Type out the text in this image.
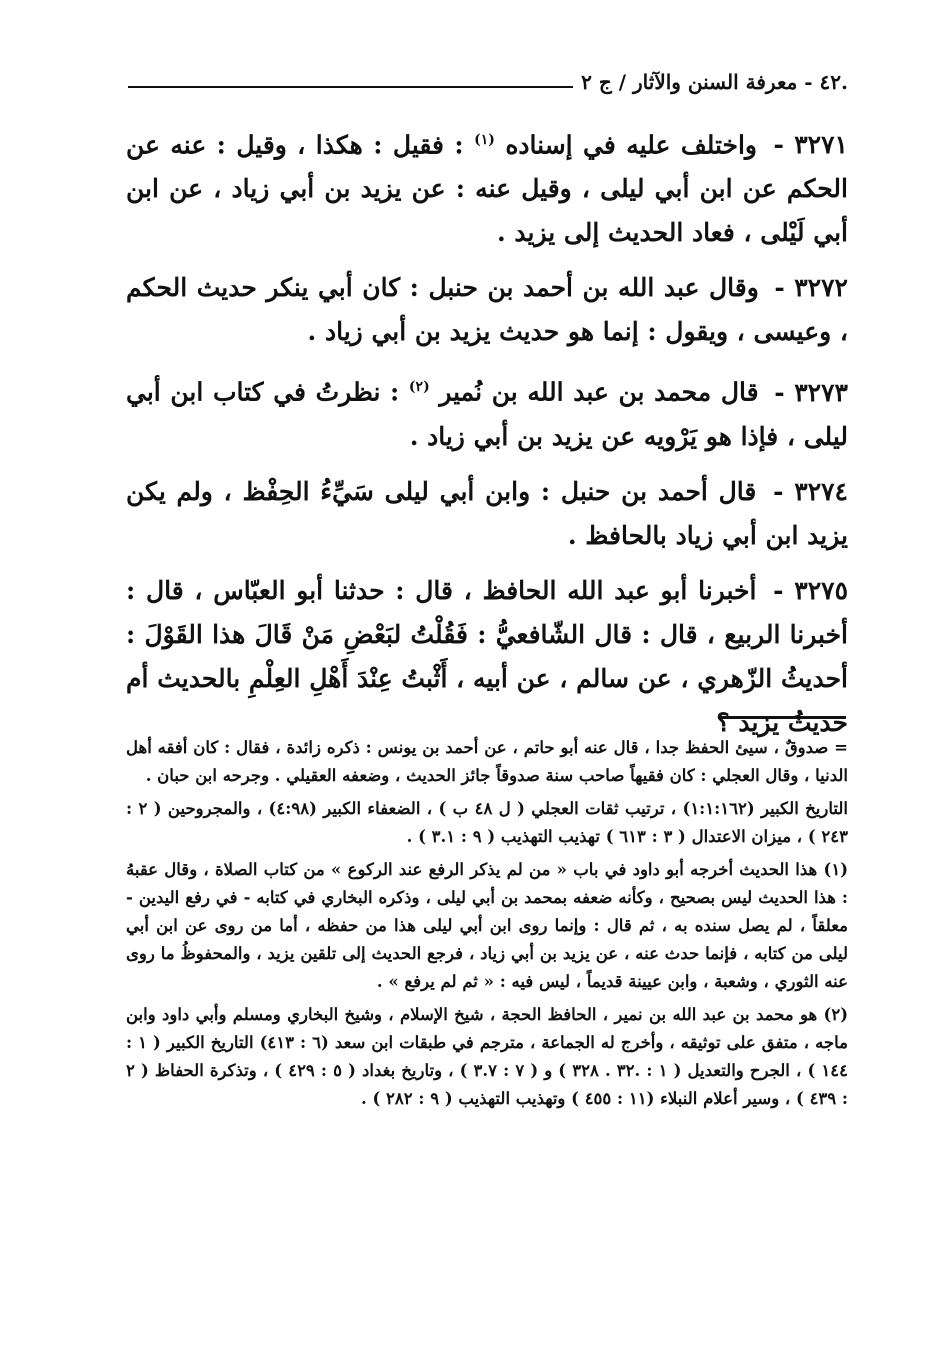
.٤٢ - معرفة السنن والآثار / ج ٢

٣٢٧١ - واختلف عليه في إسناده $^{(١)}$ : فقيل : هكذا ، وقيل : عنه عن الحكم عن ابن أبي ليلى ، وقيل عنه : عن يزيد بن أبي زياد ، عن ابن أبي لَيْلى ، فعاد الحديث إلى يزيد .

٣٢٧٢ - وقال عبد الله بن أحمد بن حنبل : كان أبي ينكر حديث الحكم ، وعيسى ، ويقول : إنما هو حديث يزيد بن أبي زياد .

٣٢٧٣ - قال محمد بن عبد الله بن نُمير $^{(٢)}$ : نظرتُ في كتاب ابن أبي ليلى ، فإذا هو يَرْويه عن يزيد بن أبي زياد .

٣٢٧٤ - قال أحمد بن حنبل : وابن أبي ليلى سَيِّءُ الحِفْظ ، ولم يكن يزيد ابن أبي زياد بالحافظ .

٣٢٧٥ - أخبرنا أبو عبد الله الحافظ ، قال : حدثنا أبو العبّاس ، قال : أخبرنا الربيع ، قال : قال الشّافعيُّ : فَقُلْتُ لبَعْضِ مَنْ قَالَ هذا القَوْلَ : أحديثُ الزّهري ، عن سالم ، عن أبيه ، أَثْبتُ عِنْدَ أَهْلِ العِلْمِ بالحديث أم حديثُ يزيد ؟

= صدوقٌ ، سيئ الحفظ جدا ، قال عنه أبو حاتم ، عن أحمد بن يونس : ذكره زائدة ، فقال : كان أفقه أهل الدنيا ، وقال العجلي : كان فقيهاً صاحب سنة صدوقاً جائز الحديث ، وضعفه العقيلي . وجرحه ابن حبان .

التاريخ الكبير (١:١:١٦٢) ، ترتيب ثقات العجلي ( ل ٤٨ ب ) ، الضعفاء الكبير (٤:٩٨) ، والمجروحين ( ٢ : ٢٤٣ ) ، ميزان الاعتدال ( ٣ : ٦١٣ ) تهذيب التهذيب ( ٩ : ٣.١ ) .

(١) هذا الحديث أخرجه أبو داود في باب « من لم يذكر الرفع عند الركوع » من كتاب الصلاة ، وقال عقبهُ : هذا الحديث ليس بصحيح ، وكأنه ضعفه بمحمد بن أبي ليلى ، وذكره البخاري في كتابه - في رفع اليدين - معلقاً ، لم يصل سنده به ، ثم قال : وإنما روى ابن أبي ليلى هذا من حفظه ، أما من روى عن ابن أبي ليلى من كتابه ، فإنما حدث عنه ، عن يزيد بن أبي زياد ، فرجع الحديث إلى تلقين يزيد ، والمحفوظُ ما روى عنه الثوري ، وشعبة ، وابن عيينة قديماً ، ليس فيه : « ثم لم يرفع » .

(٢) هو محمد بن عبد الله بن نمير ، الحافظ الحجة ، شيخ الإسلام ، وشيخ البخاري ومسلم وأبي داود وابن ماجه ، متفق على توثيقه ، وأخرج له الجماعة ، مترجم في طبقات ابن سعد (٦ : ٤١٣) التاريخ الكبير ( ١ : ١٤٤ ) ، الجرح والتعديل ( ١ : .٣٢ . ٣٢٨ ) و ( ٧ : ٣.٧ ) ، وتاريخ بغداد ( ٥ : ٤٢٩ ) ، وتذكرة الحفاظ ( ٢ : ٤٣٩ ) ، وسير أعلام النبلاء (١١ : ٤٥٥ ) وتهذيب التهذيب ( ٩ : ٢٨٢ ) .
